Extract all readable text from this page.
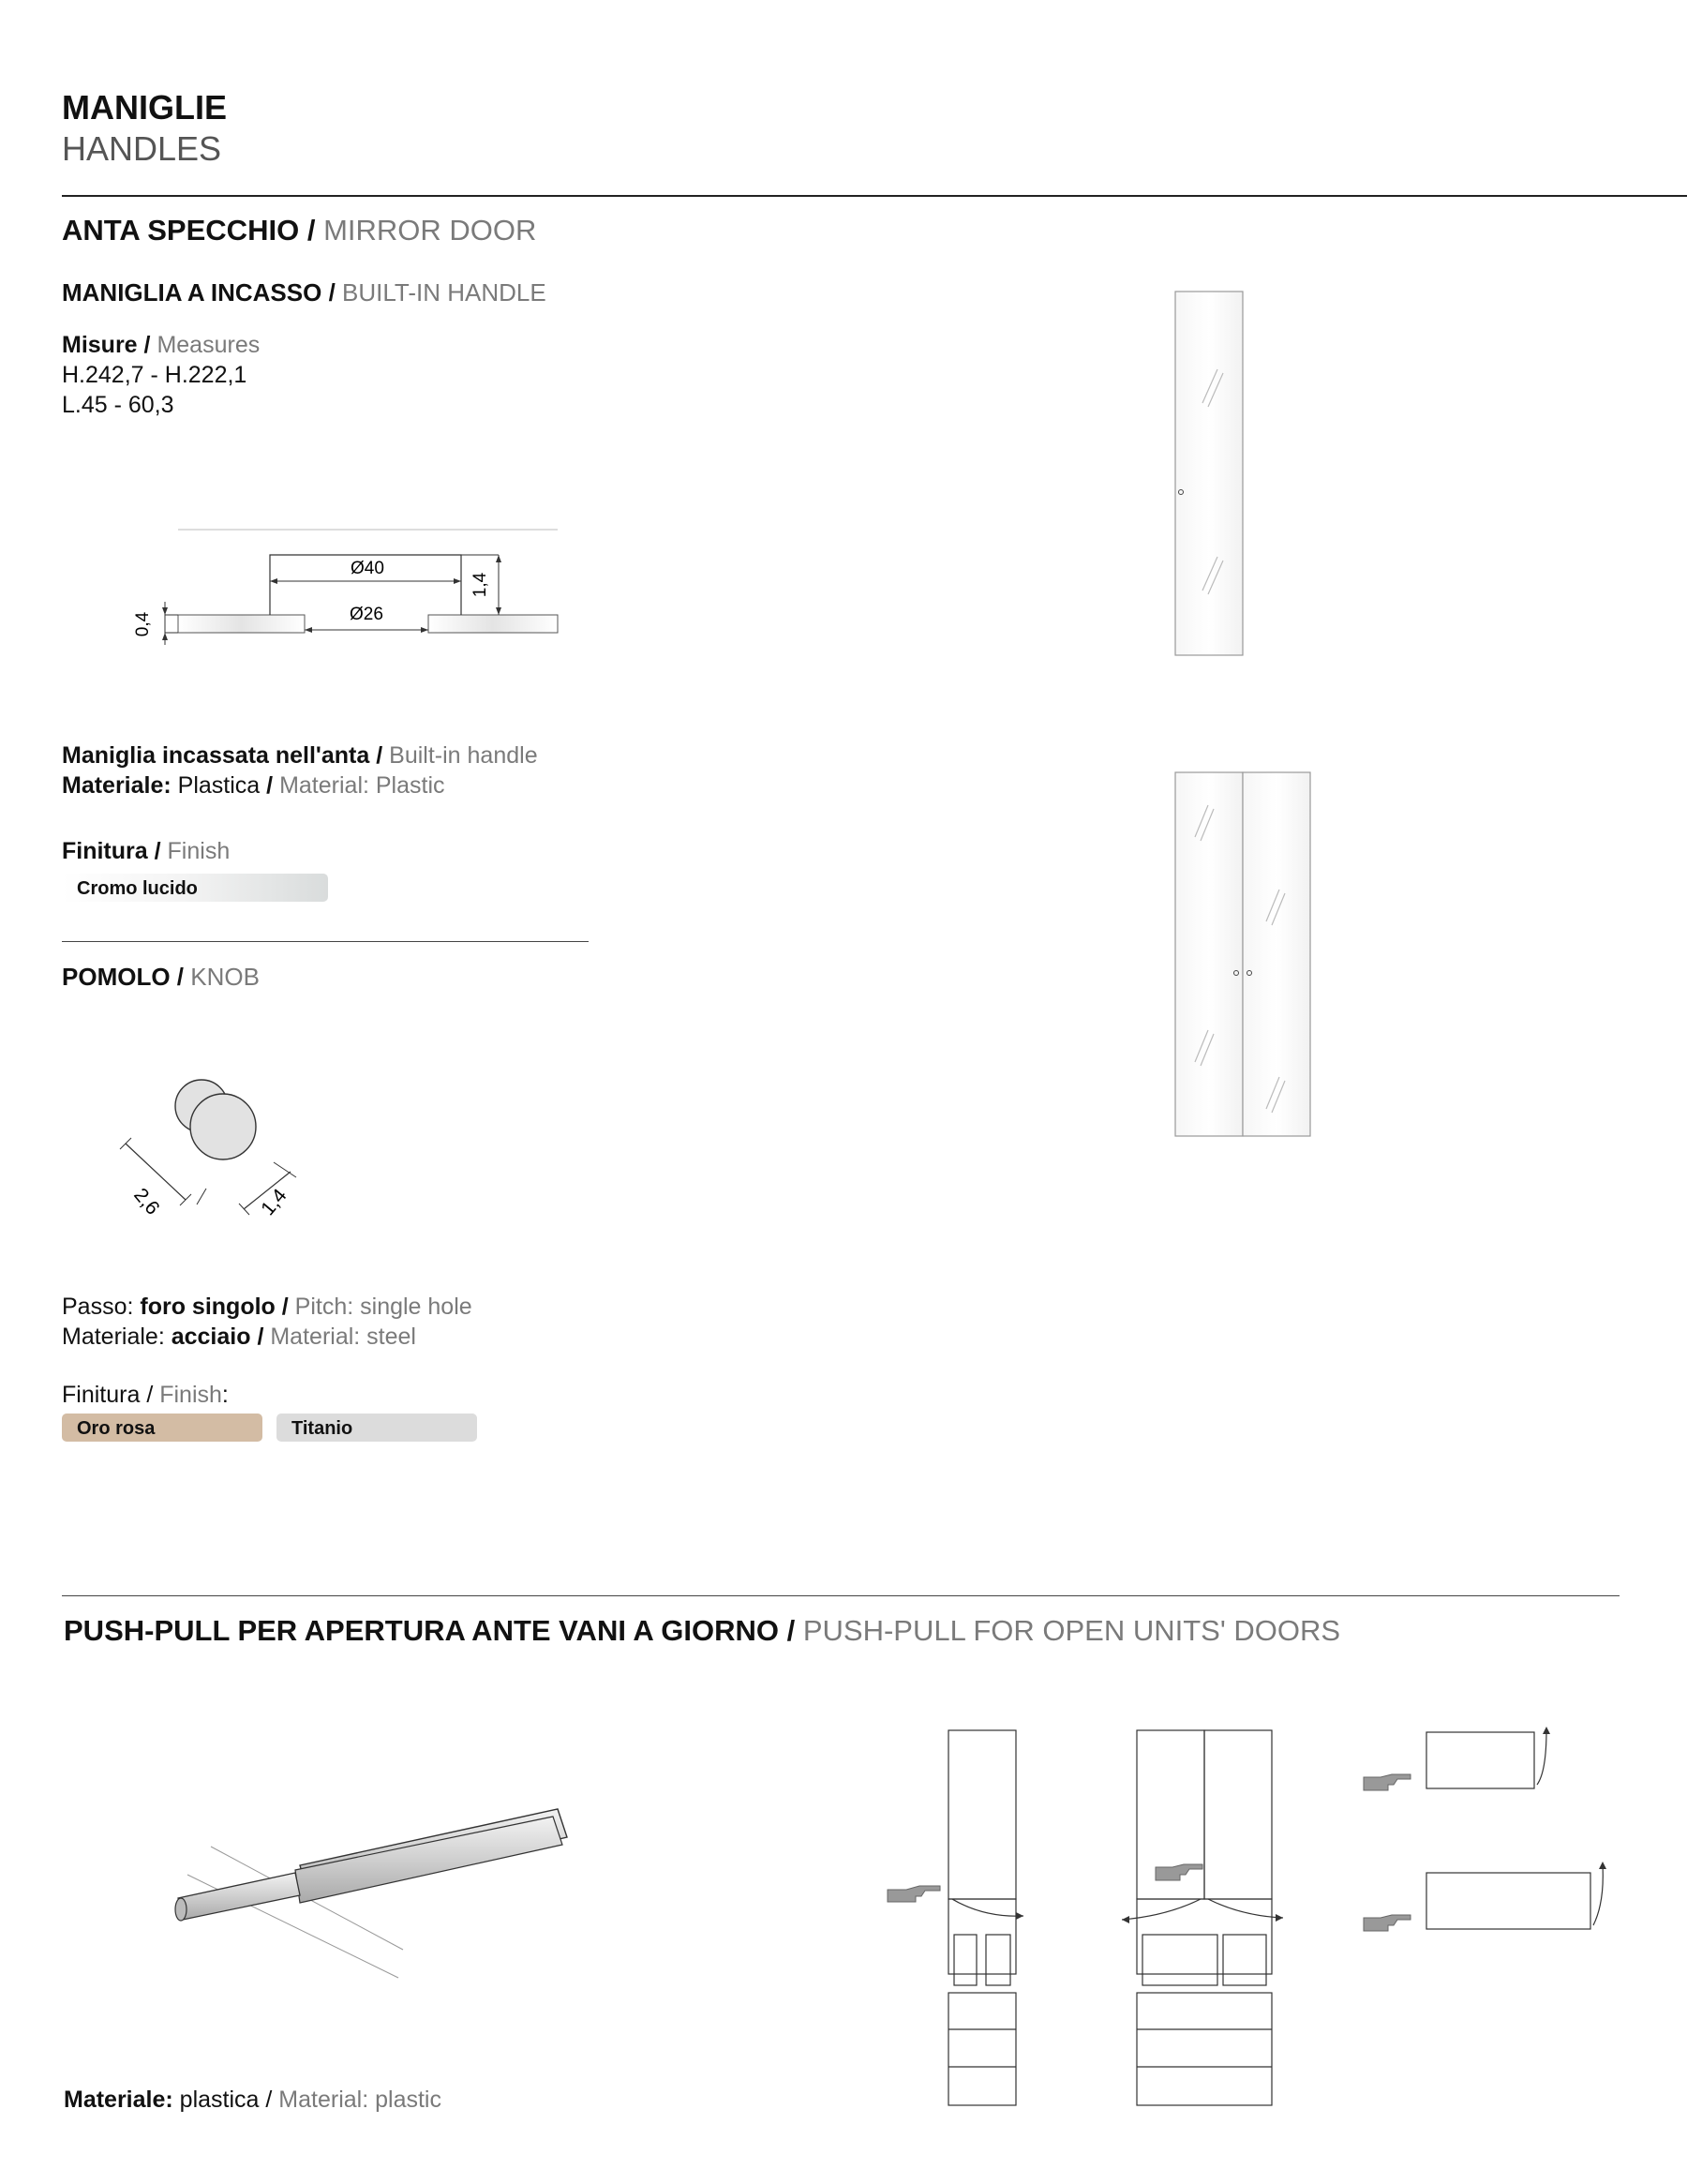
MANIGLIE
HANDLES
ANTA SPECCHIO / MIRROR DOOR
MANIGLIA A INCASSO / BUILT-IN HANDLE
Misure / Measures
H.242,7 - H.222,1
L.45 - 60,3
Ø40
Ø26
1,4
0,4
Maniglia incassata nell'anta / Built-in handle
Materiale: Plastica / Material: Plastic
Finitura / Finish
Cromo lucido
POMOLO / KNOB
2,6	1,4
Passo: foro singolo / Pitch: single hole
Materiale: acciaio / Material: steel
Finitura / Finish:
Oro rosa	Titanio
PUSH-PULL PER APERTURA ANTE VANI A GIORNO / PUSH-PULL FOR OPEN UNITS' DOORS
Materiale: plastica / Material: plastic
